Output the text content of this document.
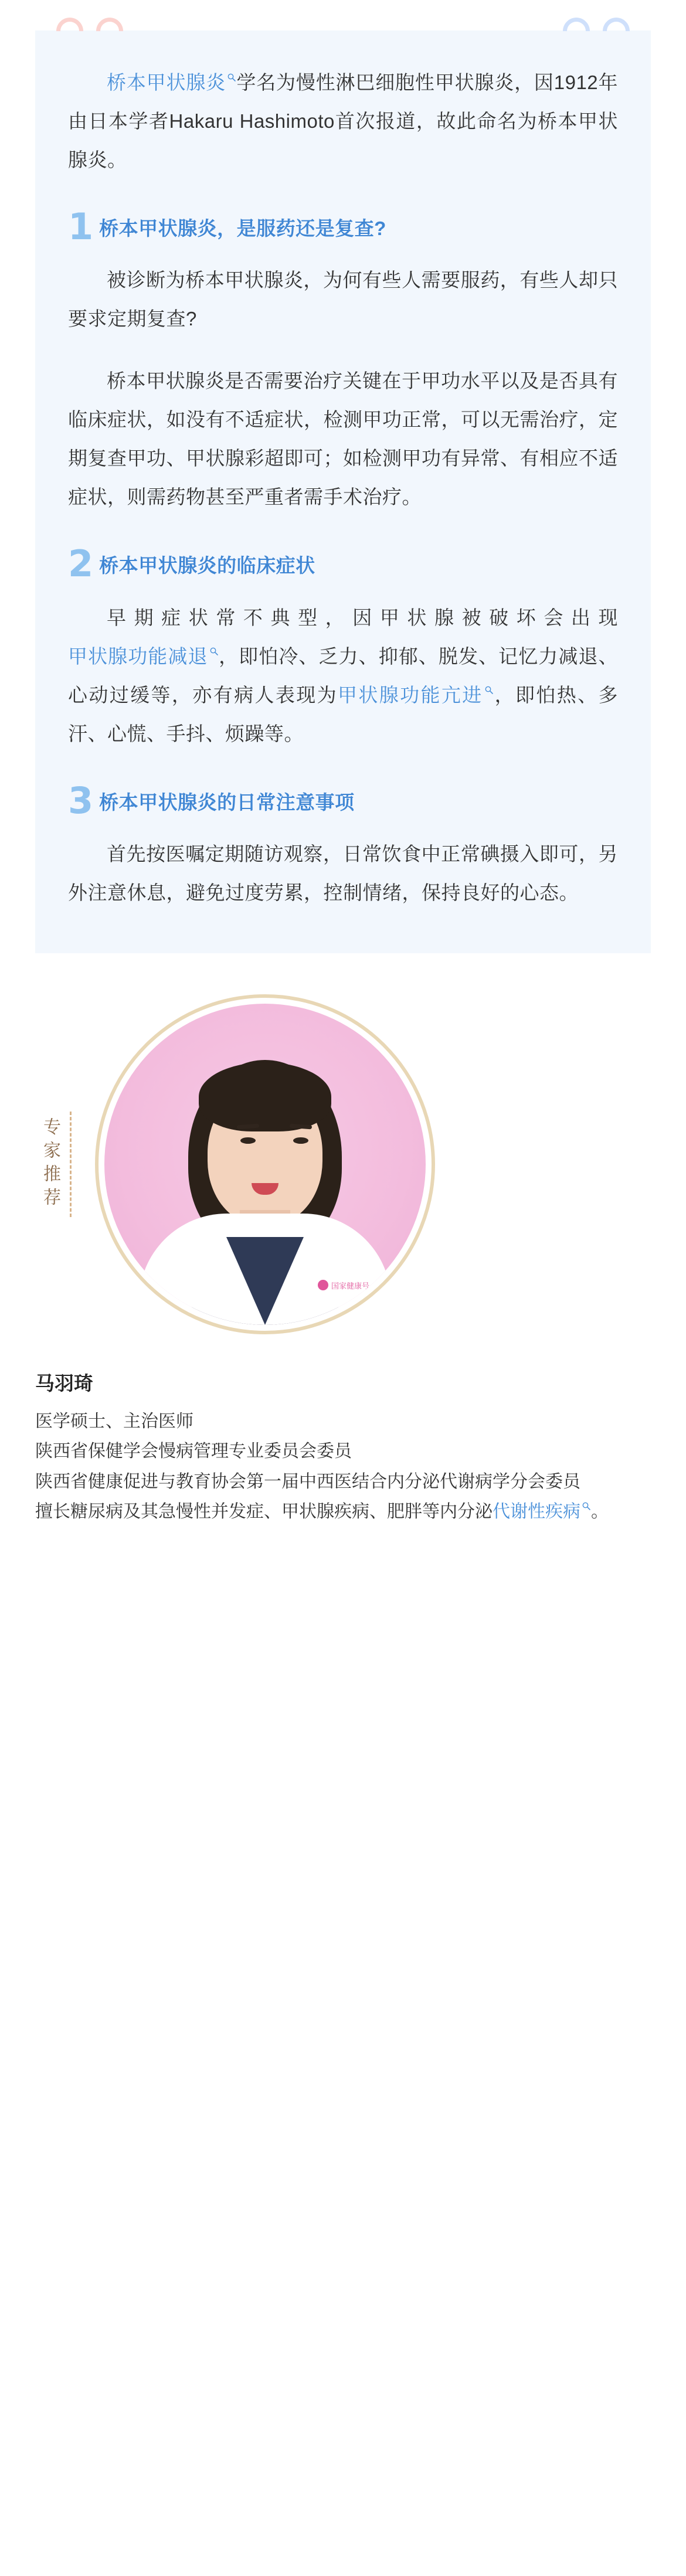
桥本甲状腺炎 学名为慢性淋巴细胞性甲状腺炎，因1912年由日本学者Hakaru Hashimoto首次报道，故此命名为桥本甲状腺炎。

1 桥本甲状腺炎，是服药还是复查?

被诊断为桥本甲状腺炎，为何有些人需要服药，有些人却只要求定期复查?

桥本甲状腺炎是否需要治疗关键在于甲功水平以及是否具有临床症状，如没有不适症状，检测甲功正常，可以无需治疗，定期复查甲功、甲状腺彩超即可；如检测甲功有异常、有相应不适症状，则需药物甚至严重者需手术治疗。

2 桥本甲状腺炎的临床症状

早期症状常不典型，因甲状腺被破坏会出现甲状腺功能减退 ，即怕冷、乏力、抑郁、脱发、记忆力减退、心动过缓等，亦有病人表现为甲状腺功能亢进 ，即怕热、多汗、心慌、手抖、烦躁等。

3 桥本甲状腺炎的日常注意事项

首先按医嘱定期随访观察，日常饮食中正常碘摄入即可，另外注意休息，避免过度劳累，控制情绪，保持良好的心态。

专家推荐
国家健康号
马羽琦
医学硕士、主治医师
陕西省保健学会慢病管理专业委员会委员
陕西省健康促进与教育协会第一届中西医结合内分泌代谢病学分会委员
擅长糖尿病及其急慢性并发症、甲状腺疾病、肥胖等内分泌代谢性疾病 。
